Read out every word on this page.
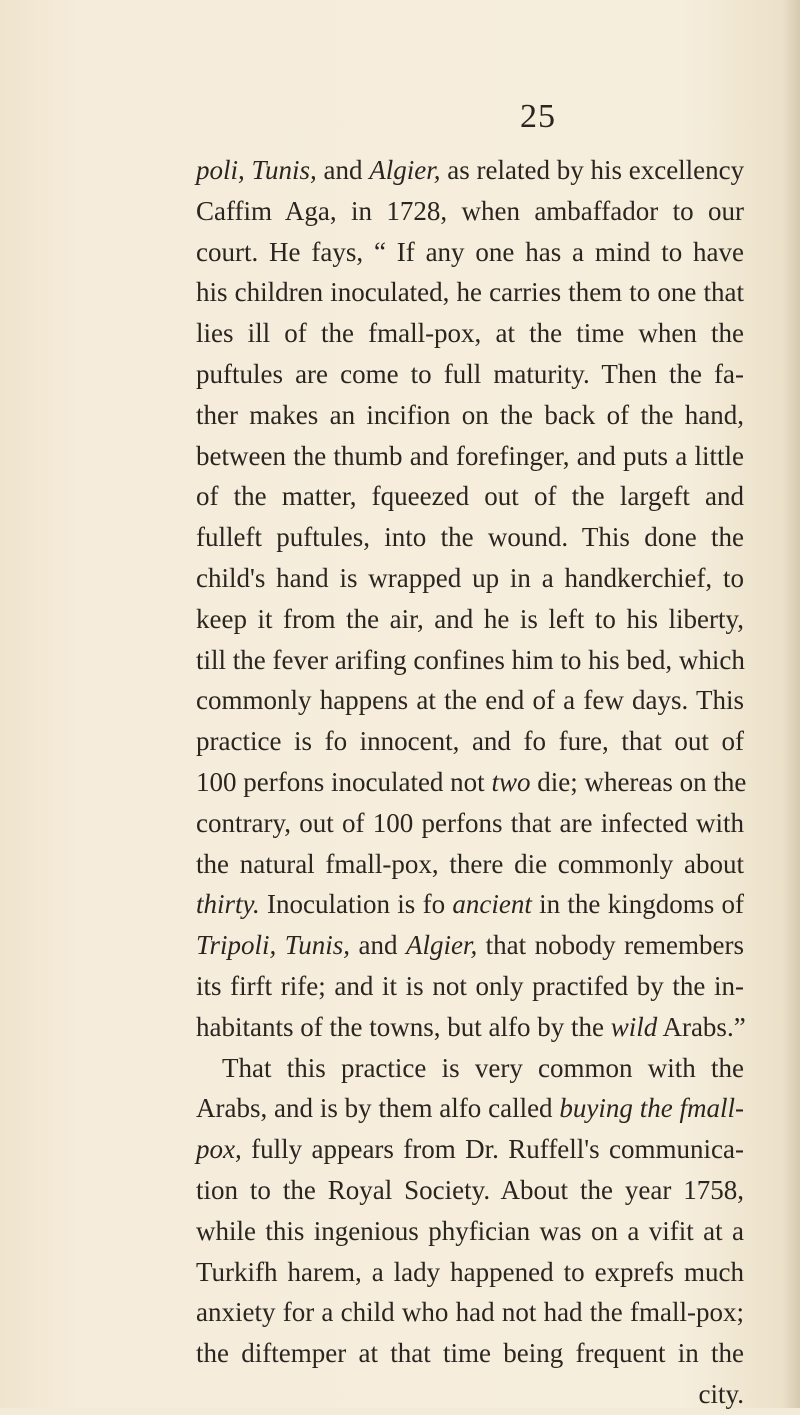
25
poli, Tunis, and Algier, as related by his excellency
Caffim Aga, in 1728, when ambaffador to our
court. He fays, “ If any one has a mind to have
his children inoculated, he carries them to one that
lies ill of the fmall-pox, at the time when the
puftules are come to full maturity. Then the fa-
ther makes an incifion on the back of the hand,
between the thumb and forefinger, and puts a little
of the matter, fqueezed out of the largeft and
fulleft puftules, into the wound. This done the
child's hand is wrapped up in a handkerchief, to
keep it from the air, and he is left to his liberty,
till the fever arifing confines him to his bed, which
commonly happens at the end of a few days. This
practice is fo innocent, and fo fure, that out of
100 perfons inoculated not two die; whereas on the
contrary, out of 100 perfons that are infected with
the natural fmall-pox, there die commonly about
thirty. Inoculation is fo ancient in the kingdoms of
Tripoli, Tunis, and Algier, that nobody remembers
its firft rife; and it is not only practifed by the in-
habitants of the towns, but alfo by the wild Arabs.”
That this practice is very common with the
Arabs, and is by them alfo called buying the fmall-
pox, fully appears from Dr. Ruffell's communica-
tion to the Royal Society. About the year 1758,
while this ingenious phyfician was on a vifit at a
Turkifh harem, a lady happened to exprefs much
anxiety for a child who had not had the fmall-pox;
the diftemper at that time being frequent in the
city.
